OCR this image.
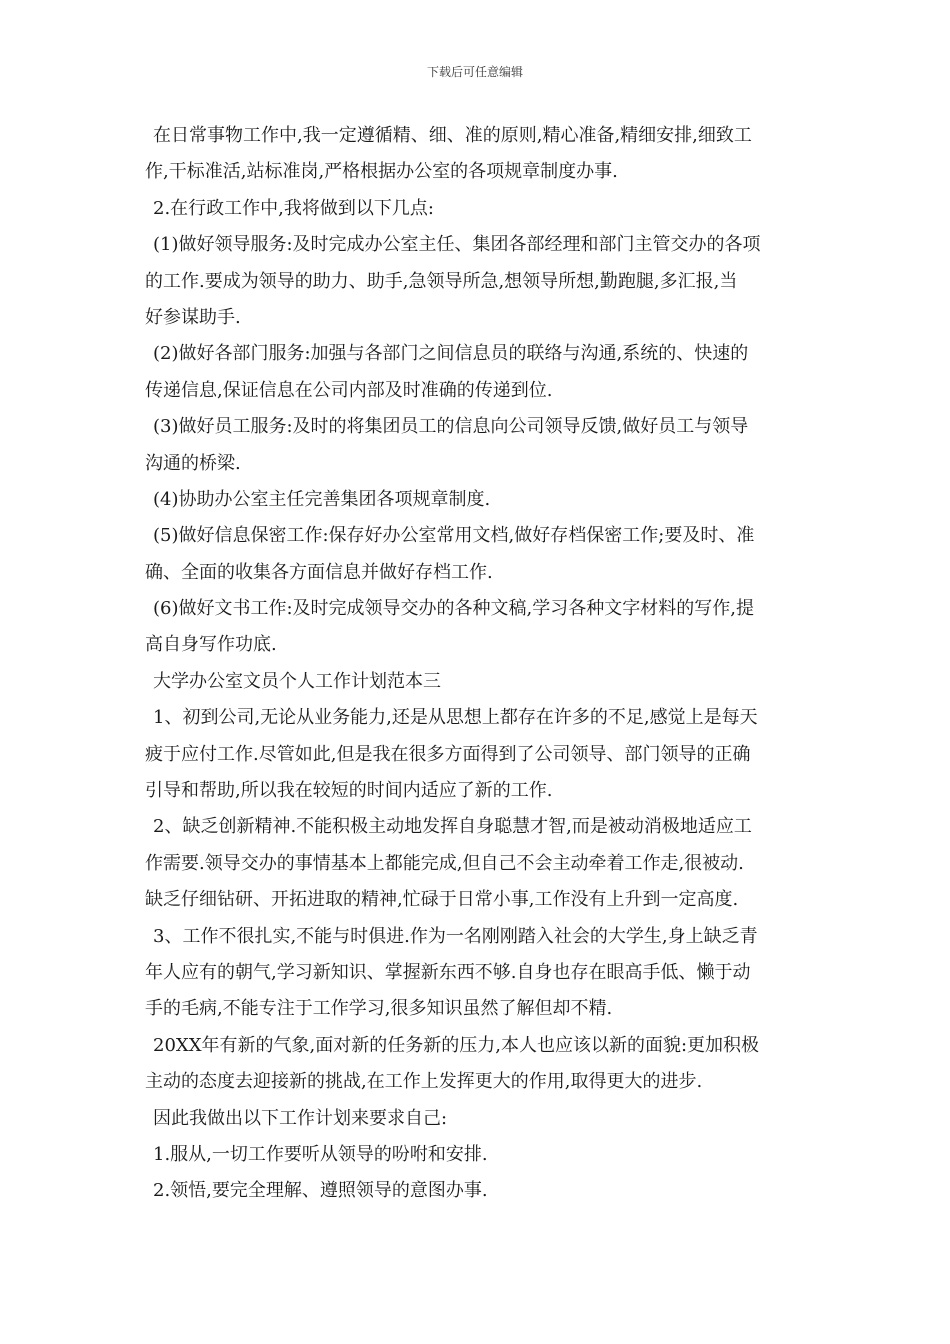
下载后可任意编辑
在日常事物工作中,我一定遵循精、细、准的原则,精心准备,精细安排,细致工
作,干标准活,站标准岗,严格根据办公室的各项规章制度办事.
2.在行政工作中,我将做到以下几点:
(1)做好领导服务:及时完成办公室主任、集团各部经理和部门主管交办的各项
的工作.要成为领导的助力、助手,急领导所急,想领导所想,勤跑腿,多汇报,当
好参谋助手.
(2)做好各部门服务:加强与各部门之间信息员的联络与沟通,系统的、快速的
传递信息,保证信息在公司内部及时准确的传递到位.
(3)做好员工服务:及时的将集团员工的信息向公司领导反馈,做好员工与领导
沟通的桥梁.
(4)协助办公室主任完善集团各项规章制度.
(5)做好信息保密工作:保存好办公室常用文档,做好存档保密工作;要及时、准
确、全面的收集各方面信息并做好存档工作.
(6)做好文书工作:及时完成领导交办的各种文稿,学习各种文字材料的写作,提
高自身写作功底.
大学办公室文员个人工作计划范本三
1、初到公司,无论从业务能力,还是从思想上都存在许多的不足,感觉上是每天
疲于应付工作.尽管如此,但是我在很多方面得到了公司领导、部门领导的正确
引导和帮助,所以我在较短的时间内适应了新的工作.
2、缺乏创新精神.不能积极主动地发挥自身聪慧才智,而是被动消极地适应工
作需要.领导交办的事情基本上都能完成,但自己不会主动牵着工作走,很被动.
缺乏仔细钻研、开拓进取的精神,忙碌于日常小事,工作没有上升到一定高度.
3、工作不很扎实,不能与时俱进.作为一名刚刚踏入社会的大学生,身上缺乏青
年人应有的朝气,学习新知识、掌握新东西不够.自身也存在眼高手低、懒于动
手的毛病,不能专注于工作学习,很多知识虽然了解但却不精.
20XX年有新的气象,面对新的任务新的压力,本人也应该以新的面貌:更加积极
主动的态度去迎接新的挑战,在工作上发挥更大的作用,取得更大的进步.
因此我做出以下工作计划来要求自己:
1.服从,一切工作要听从领导的吩咐和安排.
2.领悟,要完全理解、遵照领导的意图办事.
